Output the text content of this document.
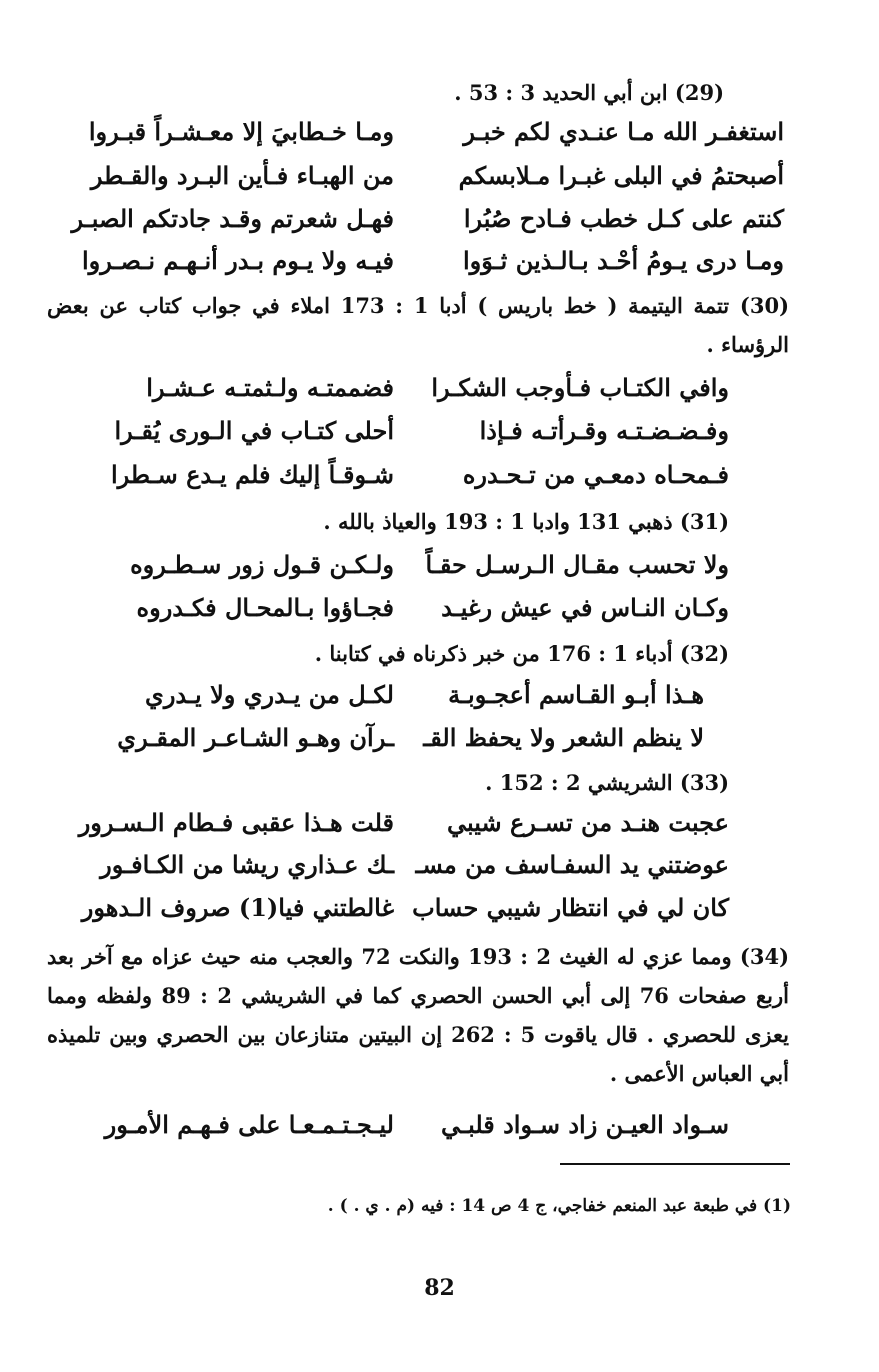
(29) ابن أبي الحديد 3 : 53 .
استغفـر الله مـا عنـدي لكم خبـر
ومـا خـطابيَ إلا معـشـراً قبـروا
أصبحتمُ في البلى غبـرا مـلابسكم
من الهبـاء فـأين البـرد والقـطر
كنتم على كـل خطب فـادح صُبُرا
فهـل شعرتم وقـد جادتكم الصبـر
ومـا درى يـومُ أحْـد بـالـذين ثـوَوا
فيـه ولا يـوم بـدر أنـهـم نـصـروا
(30) تتمة اليتيمة ( خط باريس ) أدبا 1 : 173 املاء في جواب كتاب عن بعض الرؤساء .
وافي الكتـاب فـأوجب الشكـرا
فضممتـه ولـثمتـه عـشـرا
وفـضـضـتـه وقـرأتـه فـإذا
أحلى كتـاب في الـورى يُقـرا
فـمحـاه دمعـي من تـحـدره
شـوقـاً إليك فلم يـدع سـطرا
(31) ذهبي 131 وادبا 1 : 193 والعياذ بالله .
ولا تحسب مقـال الـرسـل حقـاً
ولـكـن قـول زور سـطـروه
وكـان النـاس في عيش رغيـد
فجـاؤوا بـالمحـال فكـدروه
(32) أدباء 1 : 176 من خبر ذكرناه في كتابنا .
هـذا أبـو القـاسم أعجـوبـة
لكـل من يـدري ولا يـدري
لا ينظم الشعر ولا يحفظ القـ
ـرآن وهـو الشـاعـر المقـري
(33) الشريشي 2 : 152 .
عجبت هنـد من تسـرع شيبي
قلت هـذا عقبى فـطام الـسـرور
عوضتني يد السفـاسف من مسـ
ـك عـذاري ريشا من الكـافـور
كان لي في انتظار شيبي حساب
غالطتني فيا(1) صروف الـدهور
(34) ومما عزي له الغيث 2 : 193 والنكت 72 والعجب منه حيث عزاه مع آخر بعد أربع صفحات 76 إلى أبي الحسن الحصري كما في الشريشي 2 : 89 ولفظه ومما يعزى للحصري . قال ياقوت 5 : 262 إن البيتين متنازعان بين الحصري وبين تلميذه أبي العباس الأعمى .
سـواد العيـن زاد سـواد قلبـي
ليـجـتـمـعـا على فـهـم الأمـور
(1) في طبعة عبد المنعم خفاجي، ج 4 ص 14 : فيه (م . ي . ) .
82
